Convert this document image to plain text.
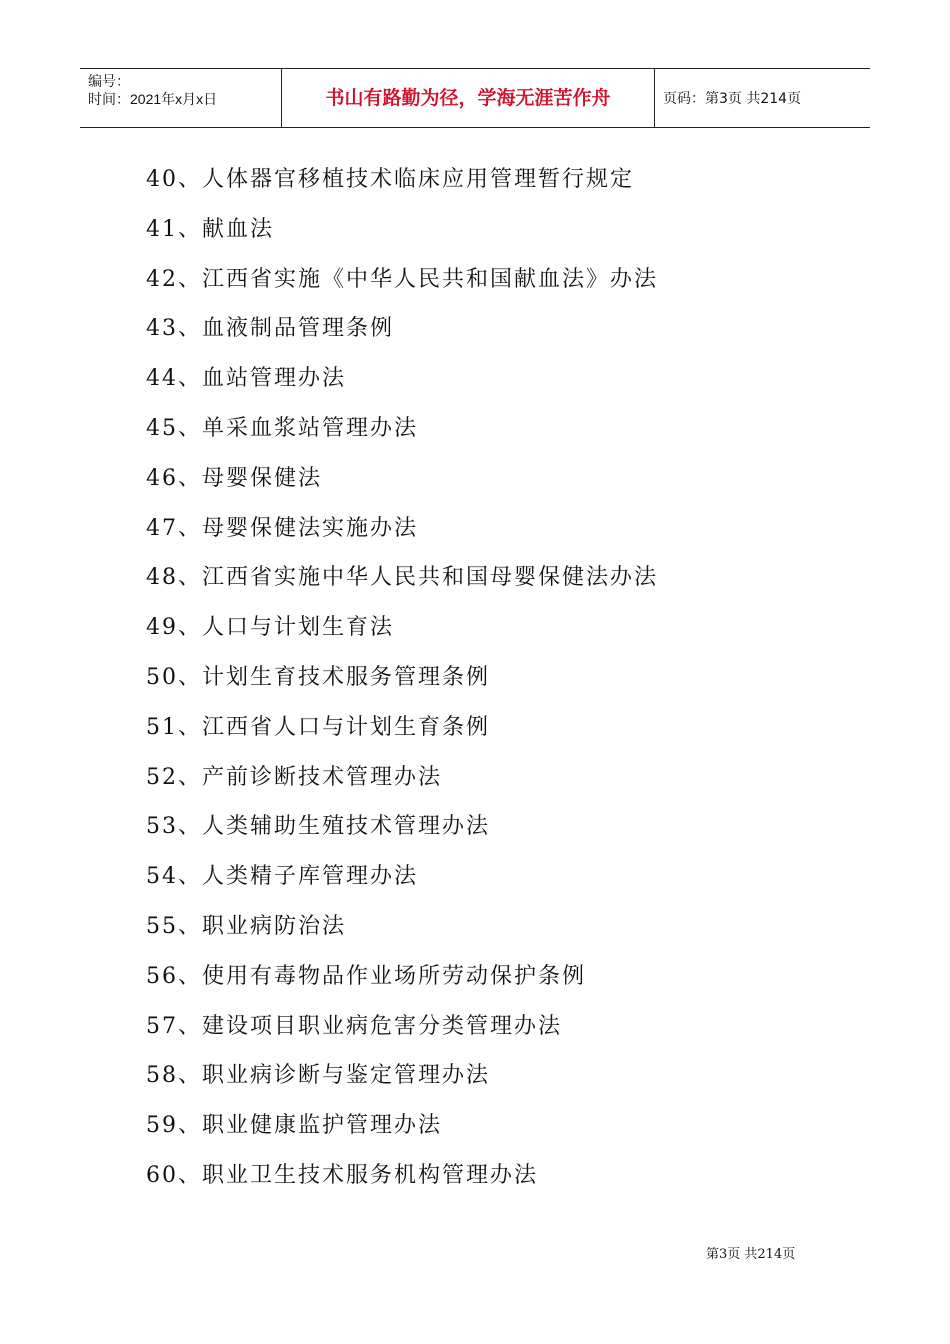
编号：
时间：2021年x月x日	书山有路勤为径，学海无涯苦作舟	页码：第3页 共214页
40、人体器官移植技术临床应用管理暂行规定
41、献血法
42、江西省实施《中华人民共和国献血法》办法
43、血液制品管理条例
44、血站管理办法
45、单采血浆站管理办法
46、母婴保健法
47、母婴保健法实施办法
48、江西省实施中华人民共和国母婴保健法办法
49、人口与计划生育法
50、计划生育技术服务管理条例
51、江西省人口与计划生育条例
52、产前诊断技术管理办法
53、人类辅助生殖技术管理办法
54、人类精子库管理办法
55、职业病防治法
56、使用有毒物品作业场所劳动保护条例
57、建设项目职业病危害分类管理办法
58、职业病诊断与鉴定管理办法
59、职业健康监护管理办法
60、职业卫生技术服务机构管理办法
第3页 共214页
